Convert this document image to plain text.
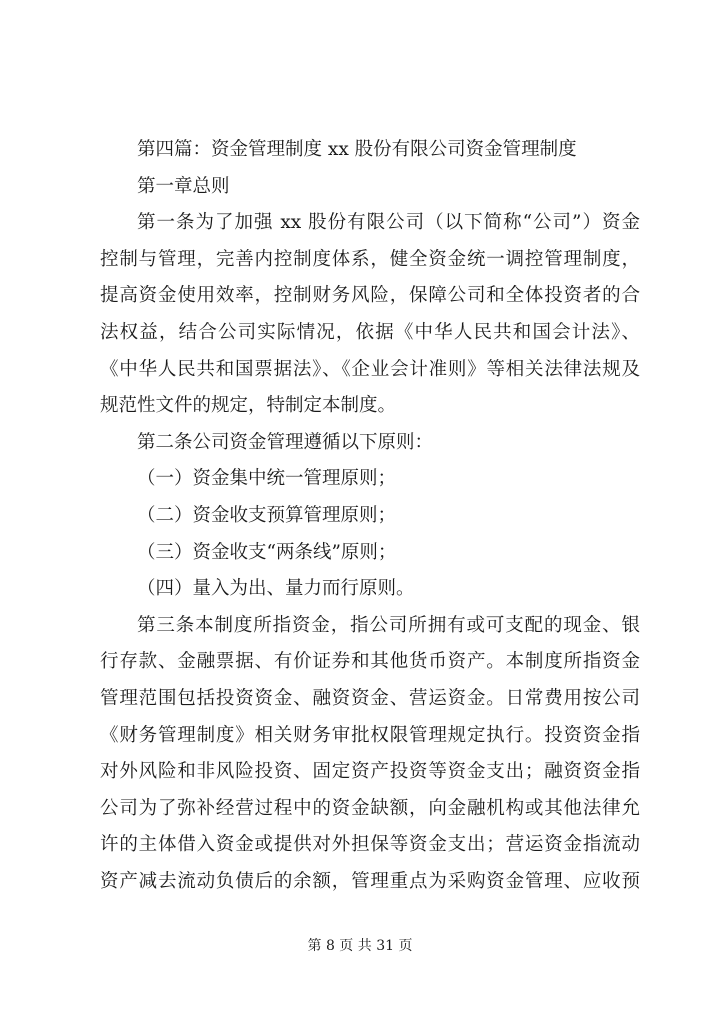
第四篇：资金管理制度 xx 股份有限公司资金管理制度
第一章总则
第一条为了加强 xx 股份有限公司（以下简称“公司”）资金
控制与管理，完善内控制度体系，健全资金统一调控管理制度，
提高资金使用效率，控制财务风险，保障公司和全体投资者的合
法权益，结合公司实际情况，依据《中华人民共和国会计法》、
《中华人民共和国票据法》、《企业会计准则》等相关法律法规及
规范性文件的规定，特制定本制度。
第二条公司资金管理遵循以下原则：
（一）资金集中统一管理原则；
（二）资金收支预算管理原则；
（三）资金收支“两条线”原则；
（四）量入为出、量力而行原则。
第三条本制度所指资金，指公司所拥有或可支配的现金、银
行存款、金融票据、有价证券和其他货币资产。本制度所指资金
管理范围包括投资资金、融资资金、营运资金。日常费用按公司
《财务管理制度》相关财务审批权限管理规定执行。投资资金指
对外风险和非风险投资、固定资产投资等资金支出；融资资金指
公司为了弥补经营过程中的资金缺额，向金融机构或其他法律允
许的主体借入资金或提供对外担保等资金支出；营运资金指流动
资产减去流动负债后的余额，管理重点为采购资金管理、应收预
第 8 页 共 31 页
